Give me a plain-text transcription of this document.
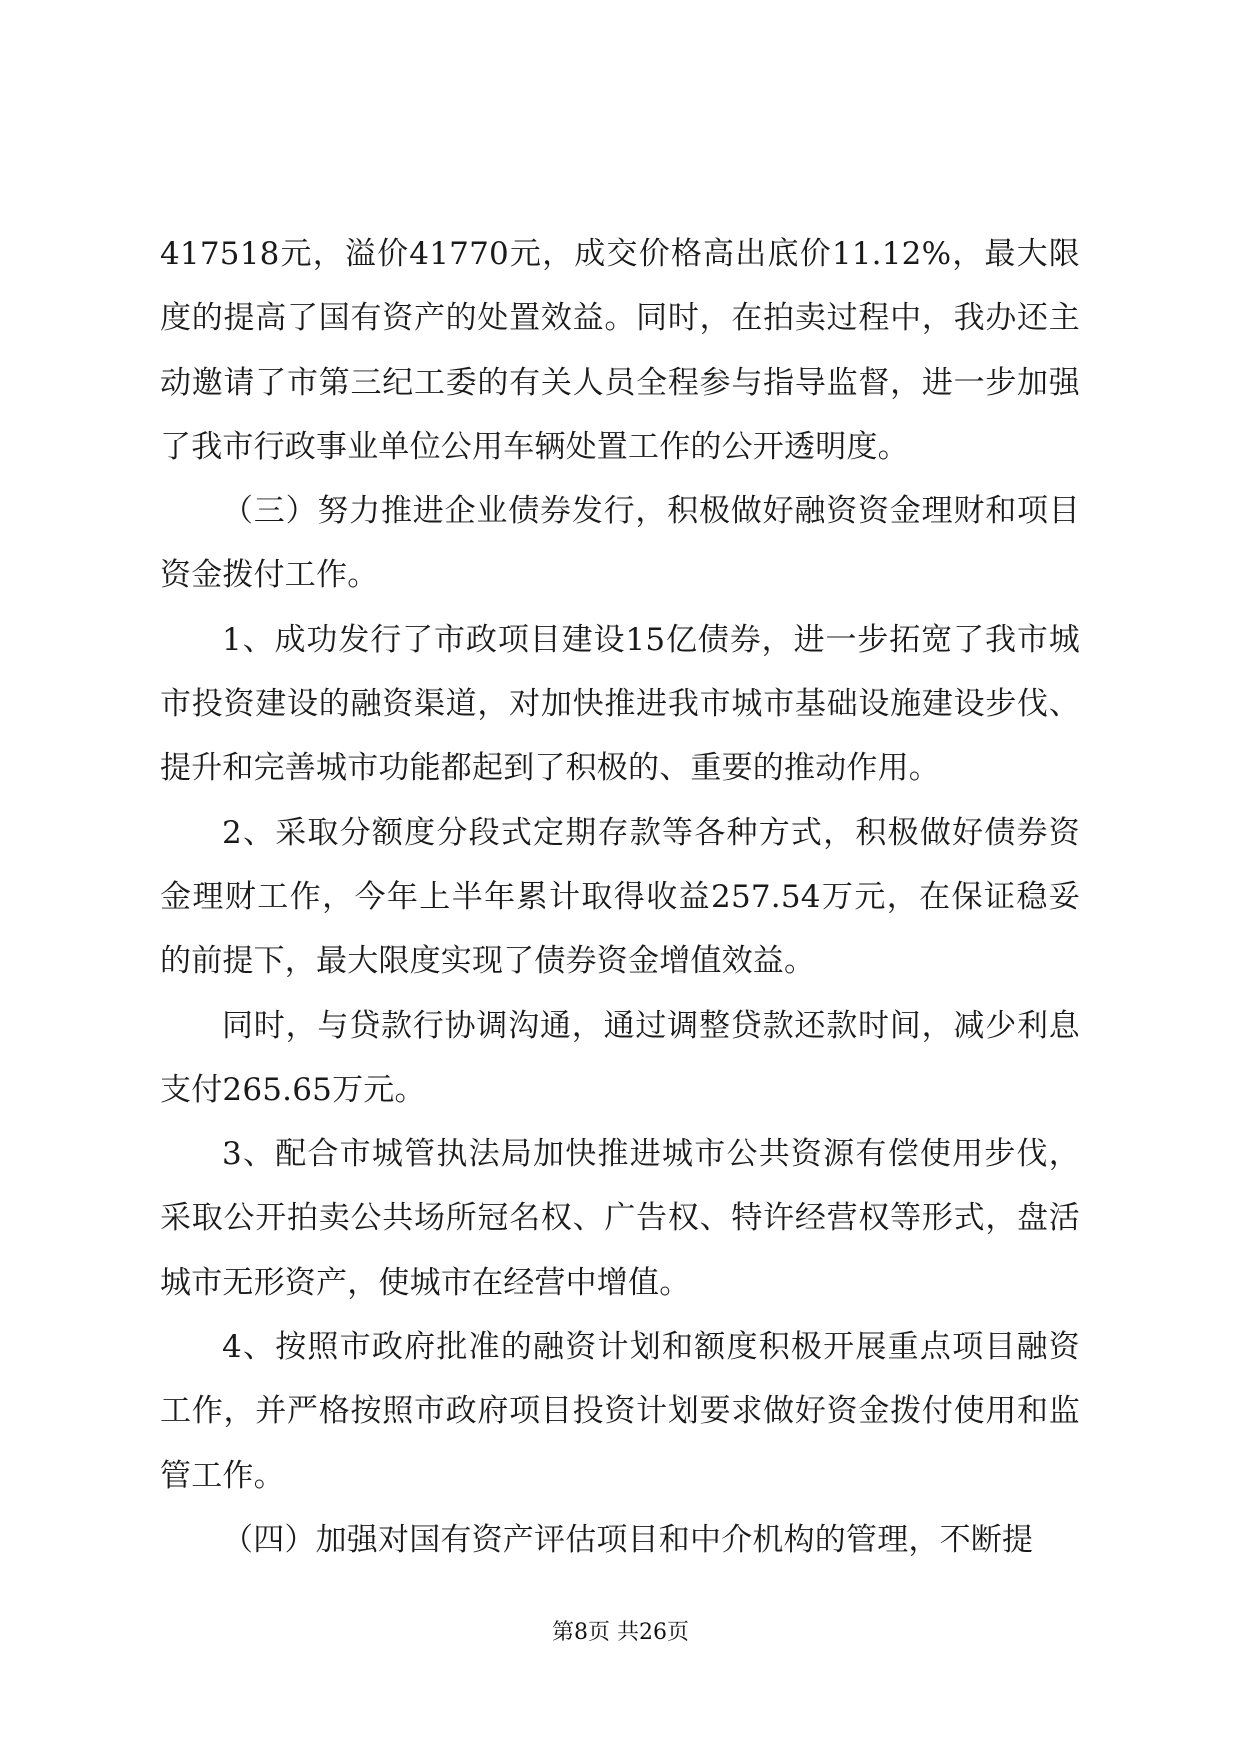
417518元，溢价41770元，成交价格高出底价11.12%，最大限度的提高了国有资产的处置效益。同时，在拍卖过程中，我办还主动邀请了市第三纪工委的有关人员全程参与指导监督，进一步加强了我市行政事业单位公用车辆处置工作的公开透明度。

（三）努力推进企业债券发行，积极做好融资资金理财和项目资金拨付工作。

1、成功发行了市政项目建设15亿债券，进一步拓宽了我市城市投资建设的融资渠道，对加快推进我市城市基础设施建设步伐、提升和完善城市功能都起到了积极的、重要的推动作用。

2、采取分额度分段式定期存款等各种方式，积极做好债券资金理财工作，今年上半年累计取得收益257.54万元，在保证稳妥的前提下，最大限度实现了债券资金增值效益。

同时，与贷款行协调沟通，通过调整贷款还款时间，减少利息支付265.65万元。

3、配合市城管执法局加快推进城市公共资源有偿使用步伐，采取公开拍卖公共场所冠名权、广告权、特许经营权等形式，盘活城市无形资产，使城市在经营中增值。

4、按照市政府批准的融资计划和额度积极开展重点项目融资工作，并严格按照市政府项目投资计划要求做好资金拨付使用和监管工作。

（四）加强对国有资产评估项目和中介机构的管理，不断提

第8页 共26页
